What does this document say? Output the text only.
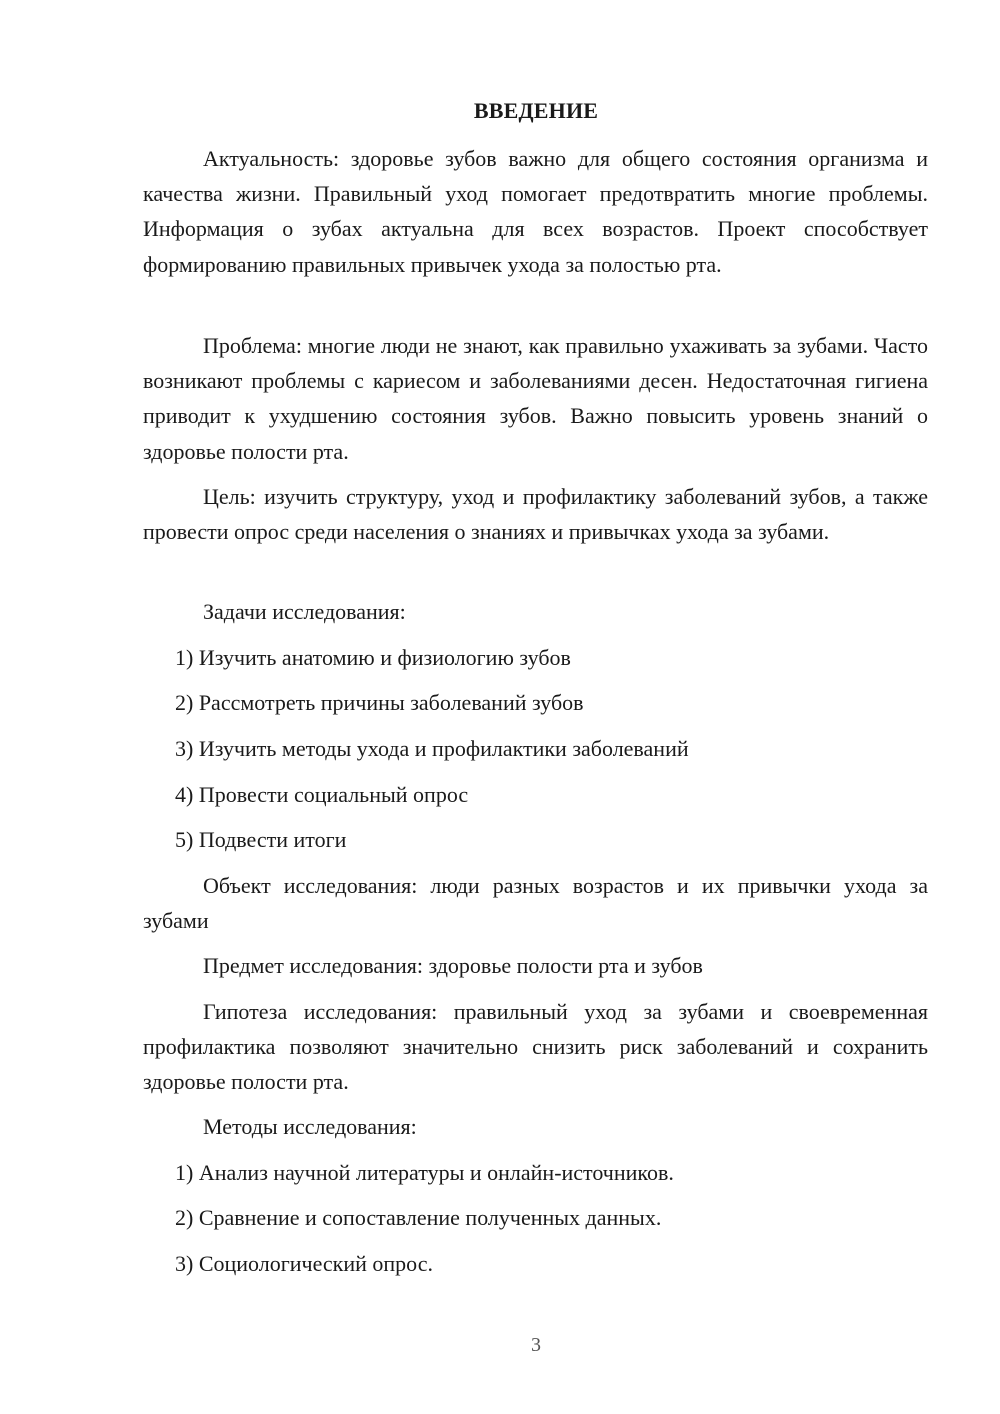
ВВЕДЕНИЕ

Актуальность: здоровье зубов важно для общего состояния организма и качества жизни. Правильный уход помогает предотвратить многие проблемы. Информация о зубах актуальна для всех возрастов. Проект способствует формированию правильных привычек ухода за полостью рта.

Проблема: многие люди не знают, как правильно ухаживать за зубами. Часто возникают проблемы с кариесом и заболеваниями десен. Недостаточная гигиена приводит к ухудшению состояния зубов. Важно повысить уровень знаний о здоровье полости рта.

Цель: изучить структуру, уход и профилактику заболеваний зубов, а также провести опрос среди населения о знаниях и привычках ухода за зубами.

Задачи исследования:
1) Изучить анатомию и физиологию зубов
2) Рассмотреть причины заболеваний зубов
3) Изучить методы ухода и профилактики заболеваний
4) Провести социальный опрос
5) Подвести итоги

Объект исследования: люди разных возрастов и их привычки ухода за зубами

Предмет исследования: здоровье полости рта и зубов

Гипотеза исследования: правильный уход за зубами и своевременная профилактика позволяют значительно снизить риск заболеваний и сохранить здоровье полости рта.

Методы исследования:
1) Анализ научной литературы и онлайн-источников.
2) Сравнение и сопоставление полученных данных.
3) Социологический опрос.
3
